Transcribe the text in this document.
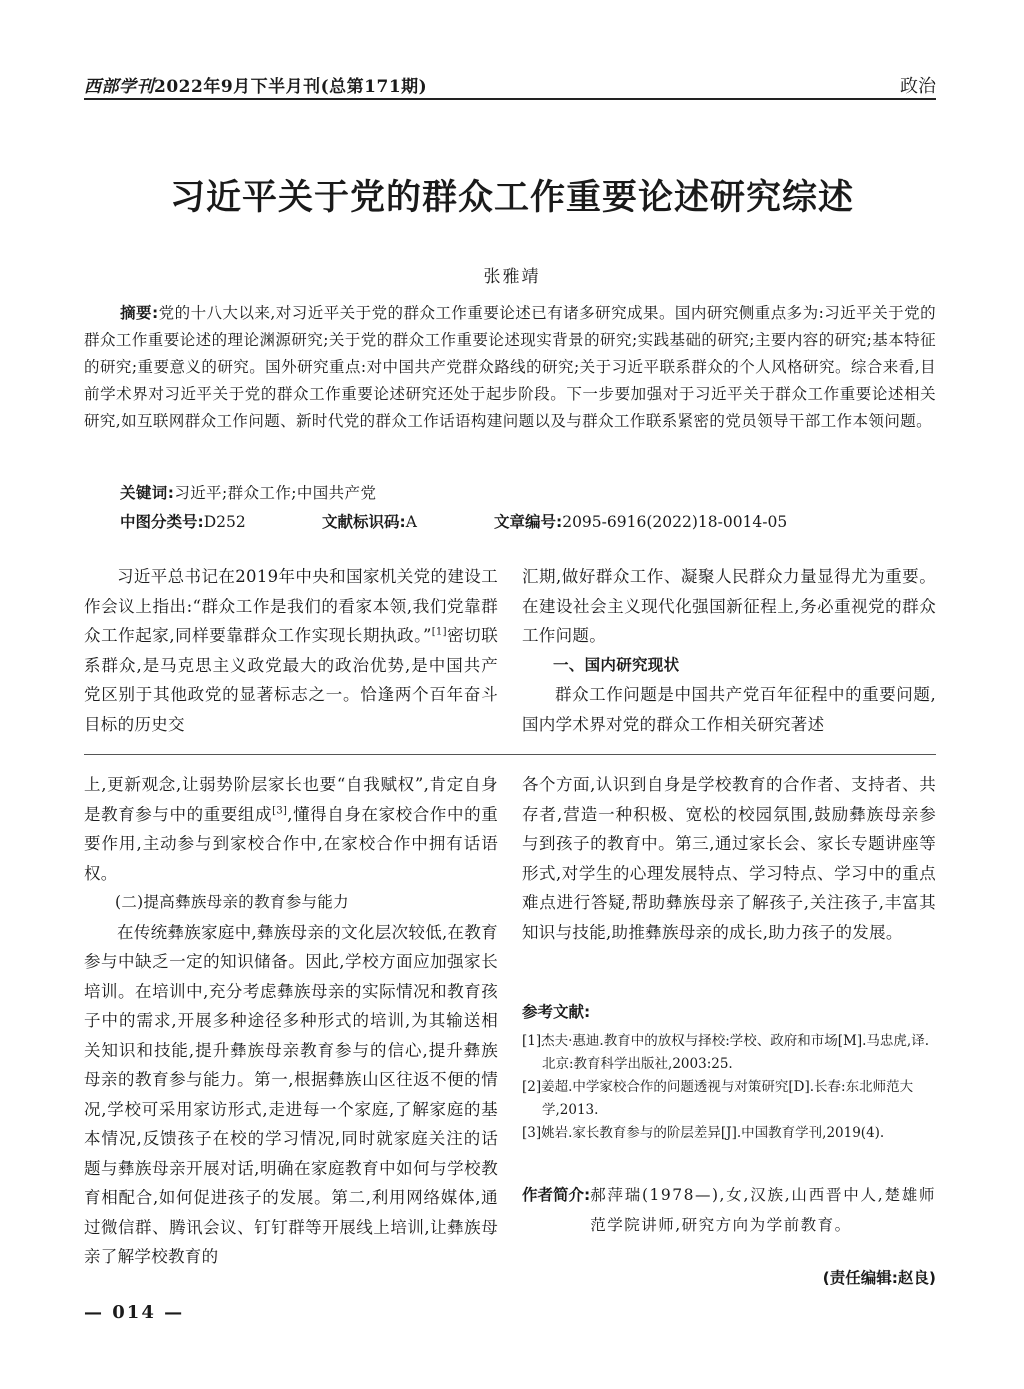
西部学刊2022年9月下半月刊(总第171期)	政治
习近平关于党的群众工作重要论述研究综述
张雅靖
摘要:党的十八大以来,对习近平关于党的群众工作重要论述已有诸多研究成果。国内研究侧重点多为:习近平关于党的群众工作重要论述的理论渊源研究;关于党的群众工作重要论述现实背景的研究;实践基础的研究;主要内容的研究;基本特征的研究;重要意义的研究。国外研究重点:对中国共产党群众路线的研究;关于习近平联系群众的个人风格研究。综合来看,目前学术界对习近平关于党的群众工作重要论述研究还处于起步阶段。下一步要加强对于习近平关于群众工作重要论述相关研究,如互联网群众工作问题、新时代党的群众工作话语构建问题以及与群众工作联系紧密的党员领导干部工作本领问题。
关键词:习近平;群众工作;中国共产党
中图分类号:D252	文献标识码:A	文章编号:2095-6916(2022)18-0014-05

习近平总书记在2019年中央和国家机关党的建设工作会议上指出:“群众工作是我们的看家本领,我们党靠群众工作起家,同样要靠群众工作实现长期执政。”[1]密切联系群众,是马克思主义政党最大的政治优势,是中国共产党区别于其他政党的显著标志之一。恰逢两个百年奋斗目标的历史交

汇期,做好群众工作、凝聚人民群众力量显得尤为重要。在建设社会主义现代化强国新征程上,务必重视党的群众工作问题。

一、国内研究现状

群众工作问题是中国共产党百年征程中的重要问题,国内学术界对党的群众工作相关研究著述

上,更新观念,让弱势阶层家长也要“自我赋权”,肯定自身是教育参与中的重要组成[3],懂得自身在家校合作中的重要作用,主动参与到家校合作中,在家校合作中拥有话语权。

(二)提高彝族母亲的教育参与能力

在传统彝族家庭中,彝族母亲的文化层次较低,在教育参与中缺乏一定的知识储备。因此,学校方面应加强家长培训。在培训中,充分考虑彝族母亲的实际情况和教育孩子中的需求,开展多种途径多种形式的培训,为其输送相关知识和技能,提升彝族母亲教育参与的信心,提升彝族母亲的教育参与能力。第一,根据彝族山区往返不便的情况,学校可采用家访形式,走进每一个家庭,了解家庭的基本情况,反馈孩子在校的学习情况,同时就家庭关注的话题与彝族母亲开展对话,明确在家庭教育中如何与学校教育相配合,如何促进孩子的发展。第二,利用网络媒体,通过微信群、腾讯会议、钉钉群等开展线上培训,让彝族母亲了解学校教育的

各个方面,认识到自身是学校教育的合作者、支持者、共存者,营造一种积极、宽松的校园氛围,鼓励彝族母亲参与到孩子的教育中。第三,通过家长会、家长专题讲座等形式,对学生的心理发展特点、学习特点、学习中的重点难点进行答疑,帮助彝族母亲了解孩子,关注孩子,丰富其知识与技能,助推彝族母亲的成长,助力孩子的发展。

参考文献:

[1]杰夫·惠迪.教育中的放权与择校:学校、政府和市场[M].马忠虎,译.北京:教育科学出版社,2003:25.

[2]姜超.中学家校合作的问题透视与对策研究[D].长春:东北师范大学,2013.

[3]姚岩.家长教育参与的阶层差异[J].中国教育学刊,2019(4).

作者简介: 郝萍瑞(1978—),女,汉族,山西晋中人,楚雄师范学院讲师,研究方向为学前教育。
(责任编辑:赵良)
— 014 —
